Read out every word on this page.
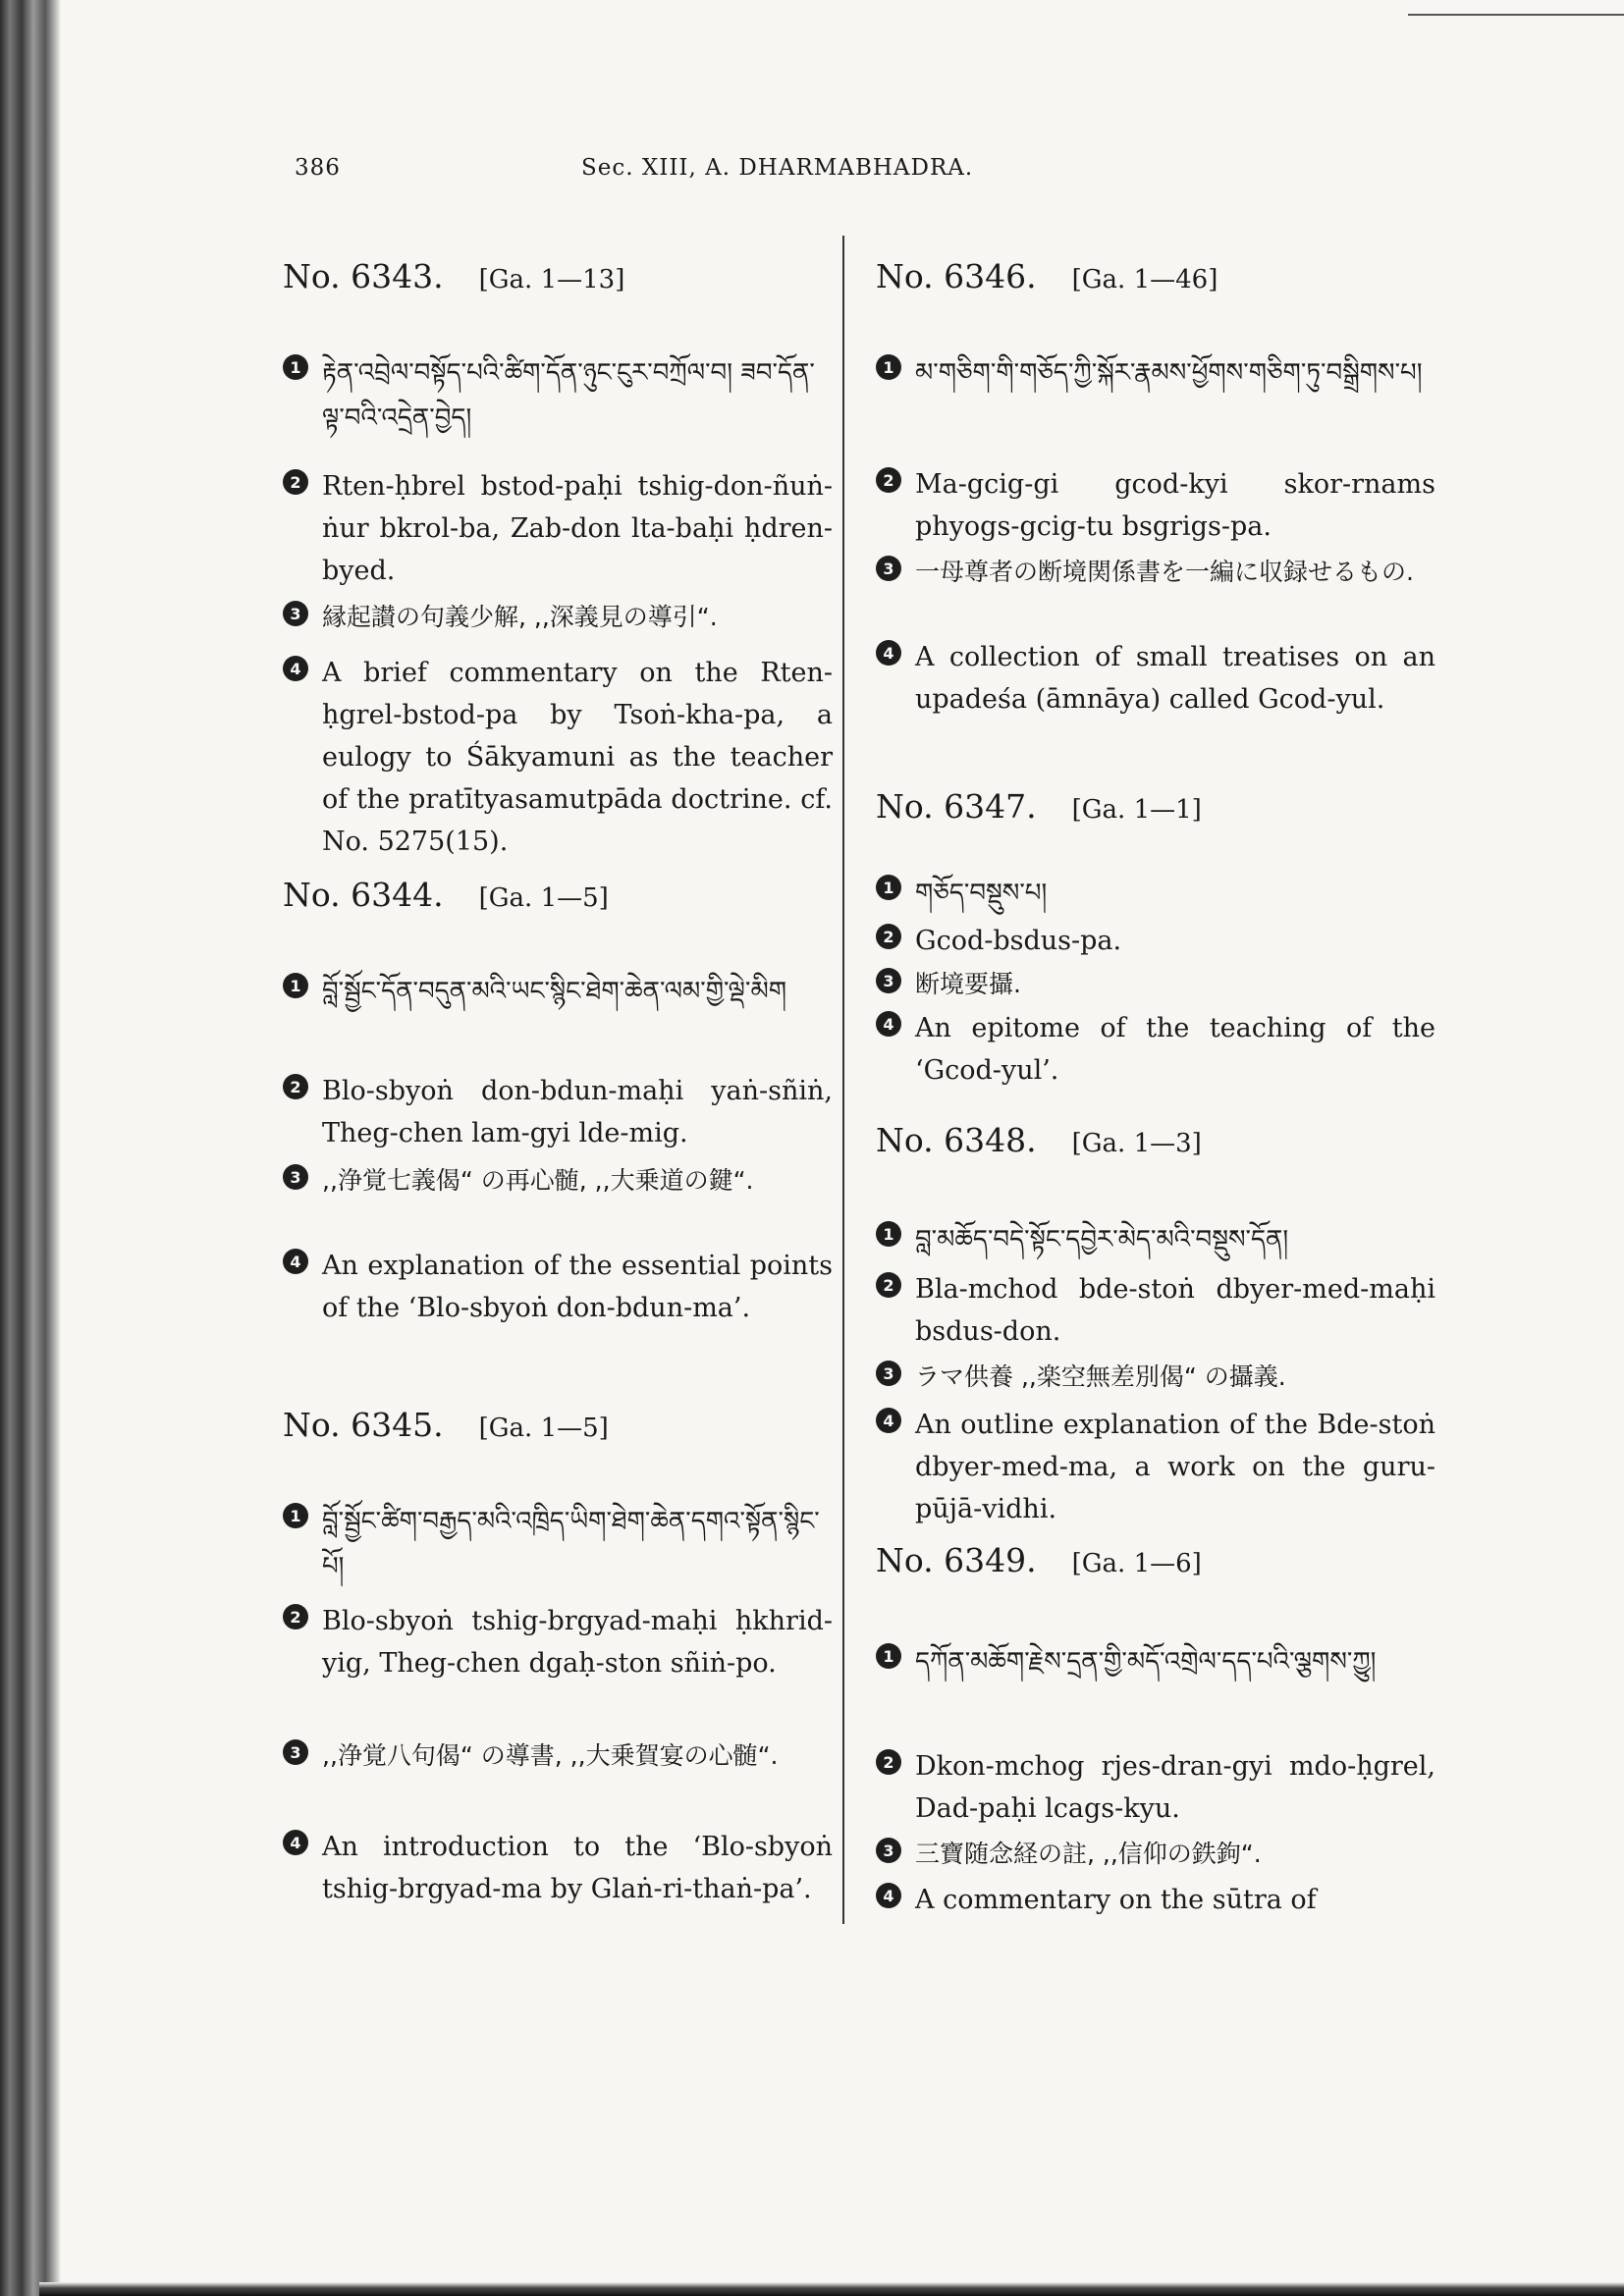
386	Sec. XIII, A. DHARMABHADRA.
No. 6343. [Ga. 1—13]
1 རྟེན་འབྲེལ་བསྟོད་པའི་ཚིག་དོན་ཉུང་ངུར་བཀྲོལ་བ། ཟབ་དོན་ལྟ་བའི་འདྲེན་བྱེད།
2 Rten-ḥbrel bstod-paḥi tshig-don-ñuṅ-ṅur bkrol-ba, Zab-don lta-baḥi ḥdren-byed.
3 縁起讃の句義少解, ,,深義見の導引“.
4 A brief commentary on the Rten-ḥgrel-bstod-pa by Tsoṅ-kha-pa, a eulogy to Śākyamuni as the teacher of the pratītyasamutpāda doctrine. cf. No. 5275(15).
No. 6344. [Ga. 1—5]
1 བློ་སྦྱོང་དོན་བདུན་མའི་ཡང་སྙིང་ཐེག་ཆེན་ལམ་གྱི་ལྡེ་མིག
2 Blo-sbyoṅ don-bdun-maḥi yaṅ-sñiṅ, Theg-chen lam-gyi lde-mig.
3 ,,浄覚七義偈“ の再心髄, ,,大乗道の鍵“.
4 An explanation of the essential points of the ‘Blo-sbyoṅ don-bdun-ma’.
No. 6345. [Ga. 1—5]
1 བློ་སྦྱོང་ཚིག་བརྒྱད་མའི་འཁྲིད་ཡིག་ཐེག་ཆེན་དགའ་སྟོན་སྙིང་པོ།
2 Blo-sbyoṅ tshig-brgyad-maḥi ḥkhrid-yig, Theg-chen dgaḥ-ston sñiṅ-po.
3 ,,浄覚八句偈“ の導書, ,,大乗賀宴の心髄“.
4 An introduction to the ‘Blo-sbyoṅ tshig-brgyad-ma by Glaṅ-ri-thaṅ-pa’.
No. 6346. [Ga. 1—46]
1 མ་གཅིག་གི་གཅོད་ཀྱི་སྐོར་རྣམས་ཕྱོགས་གཅིག་ཏུ་བསྒྲིགས་པ།
2 Ma-gcig-gi gcod-kyi skor-rnams phyogs-gcig-tu bsgrigs-pa.
3 一母尊者の断境関係書を一編に収録せるもの.
4 A collection of small treatises on an upadeśa (āmnāya) called Gcod-yul.
No. 6347. [Ga. 1—1]
1 གཅོད་བསྡུས་པ།
2 Gcod-bsdus-pa.
3 断境要攝.
4 An epitome of the teaching of the ‘Gcod-yul’.
No. 6348. [Ga. 1—3]
1 བླ་མཆོད་བདེ་སྟོང་དབྱེར་མེད་མའི་བསྡུས་དོན།
2 Bla-mchod bde-stoṅ dbyer-med-maḥi bsdus-don.
3 ラマ供養 ,,楽空無差別偈“ の攝義.
4 An outline explanation of the Bde-stoṅ dbyer-med-ma, a work on the guru-pūjā-vidhi.
No. 6349. [Ga. 1—6]
1 དཀོན་མཆོག་རྗེས་དྲན་གྱི་མདོ་འགྲེལ་དད་པའི་ལྕགས་ཀྱུ།
2 Dkon-mchog rjes-dran-gyi mdo-ḥgrel, Dad-paḥi lcags-kyu.
3 三寶随念経の註, ,,信仰の鉄鉤“.
4 A commentary on the sūtra of
